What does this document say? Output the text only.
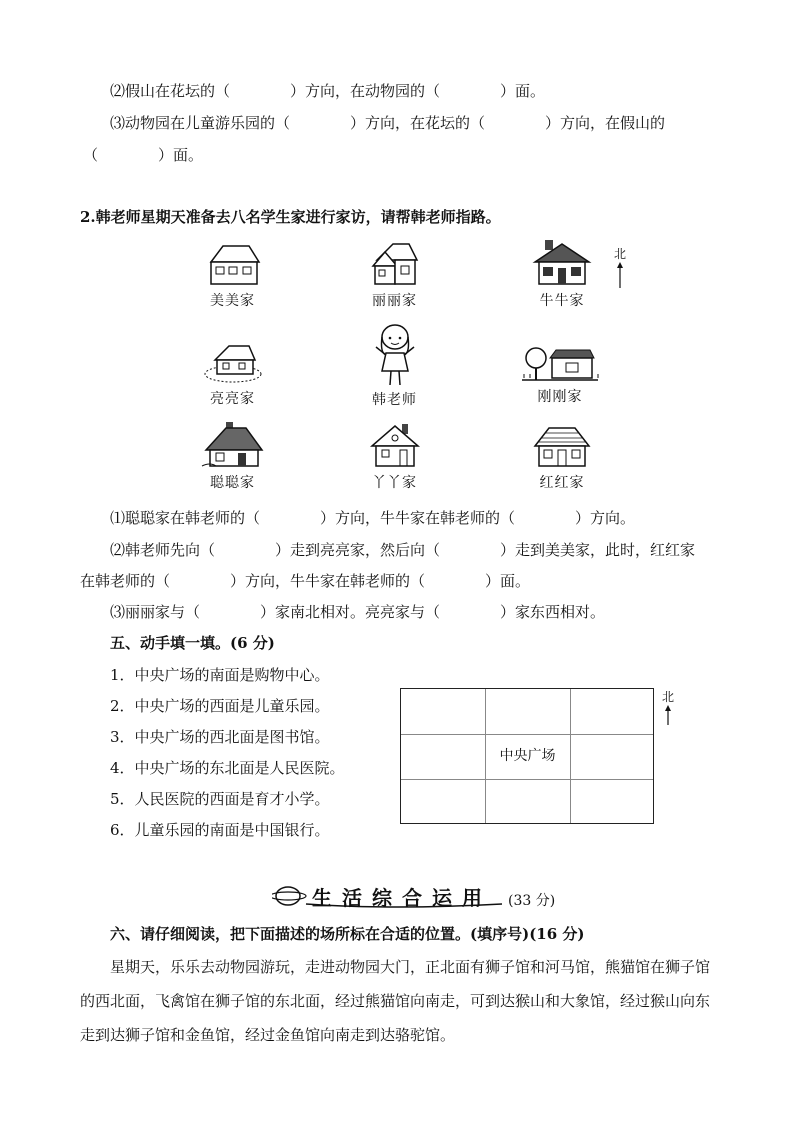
⑵假山在花坛的（　　　　）方向，在动物园的（　　　　）面。
⑶动物园在儿童游乐园的（　　　　）方向，在花坛的（　　　　）方向，在假山的
（　　　　）面。
2.韩老师星期天准备去八名学生家进行家访，请帮韩老师指路。
美美家	丽丽家	牛牛家
北
亮亮家	韩老师	刚刚家
聪聪家	丫丫家	红红家
⑴聪聪家在韩老师的（　　　　）方向，牛牛家在韩老师的（　　　　）方向。
⑵韩老师先向（　　　　）走到亮亮家，然后向（　　　　）走到美美家，此时，红红家
在韩老师的（　　　　）方向，牛牛家在韩老师的（　　　　）面。
⑶丽丽家与（　　　　）家南北相对。亮亮家与（　　　　）家东西相对。
五、动手填一填。(6 分)
1．中央广场的南面是购物中心。
2．中央广场的西面是儿童乐园。
3．中央广场的西北面是图书馆。
4．中央广场的东北面是人民医院。
5．人民医院的西面是育才小学。
6．儿童乐园的南面是中国银行。
中央广场
北
生活综合运用 (33 分)
六、请仔细阅读，把下面描述的场所标在合适的位置。(填序号)(16 分)
星期天，乐乐去动物园游玩，走进动物园大门，正北面有狮子馆和河马馆，熊猫馆在狮子馆的西北面，飞禽馆在狮子馆的东北面，经过熊猫馆向南走，可到达猴山和大象馆，经过猴山向东走到达狮子馆和金鱼馆，经过金鱼馆向南走到达骆驼馆。
